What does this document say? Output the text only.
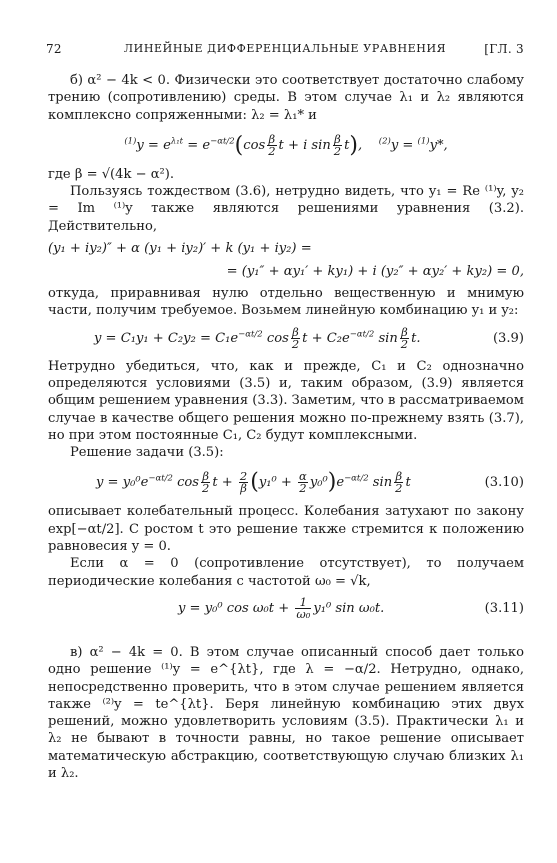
72	ЛИНЕЙНЫЕ ДИФФЕРЕНЦИАЛЬНЫЕ УРАВНЕНИЯ	[ГЛ. 3

б) α² − 4k < 0. Физически это соответствует достаточно слабому трению (сопротивлению) среды. В этом случае λ₁ и λ₂ являются комплексно сопряженными: λ₂ = λ₁* и

$^{(1)}y = e^{\lambda_1t} = e^{-\alpha t/2}$ ( $\cos \frac{\beta}{2}$ t + i $\sin \frac{\beta}{2}$ t ) ,    $^{(2)}$y = $^{(1)}$y*,

где β = √(4k − α²).

Пользуясь тождеством (3.6), нетрудно видеть, что y₁ = Re ⁽¹⁾y, y₂ = Im ⁽¹⁾y также являются решениями уравнения (3.2). Действительно,

(y₁ + iy₂)″ + α (y₁ + iy₂)′ + k (y₁ + iy₂) =
= (y₁″ + αy₁′ + ky₁) + i (y₂″ + αy₂′ + ky₂) = 0,

откуда, приравнивая нулю отдельно вещественную и мнимую части, получим требуемое. Возьмем линейную комбинацию y₁ и y₂:

$y = C_1y_1 + C_2y_2 = C_1e^{-\alpha t/2}$ $\cos \frac{\beta}{2}$ $t + C_2e^{-\alpha t/2}$ $\sin \frac{\beta}{2} t$.	(3.9)

Нетрудно убедиться, что, как и прежде, C₁ и C₂ однозначно определяются условиями (3.5) и, таким образом, (3.9) является общим решением уравнения (3.3). Заметим, что в рассматриваемом случае в качестве общего решения можно по-прежнему взять (3.7), но при этом постоянные C₁, C₂ будут комплексными.

Решение задачи (3.5):

$y = y_0^0e^{-\alpha t/2}$ $\cos \frac{\beta}{2}$ $t + \frac{2}{\beta} (y_1^0 + \frac{\alpha}{2} y_0^0)e^{-\alpha t/2}$ $\sin \frac{\beta}{2}$ t	(3.10)

описывает колебательный процесс. Колебания затухают по закону exp[−αt/2]. С ростом t это решение также стремится к положению равновесия y = 0.

Если α = 0 (сопротивление отсутствует), то получаем периодические колебания с частотой ω₀ = √k,

y = y₀⁰ $\cos \omega_0t + \frac{1}{\text{ω₀}} y_1^0$ sin ω₀t.	(3.11)

в) α² − 4k = 0. В этом случае описанный способ дает только одно решение ⁽¹⁾y = e^{λt}, где λ = −α/2. Нетрудно, однако, непосредственно проверить, что в этом случае решением является также ⁽²⁾y = te^{λt}. Беря линейную комбинацию этих двух решений, можно удовлетворить условиям (3.5). Практически λ₁ и λ₂ не бывают в точности равны, но такое решение описывает математическую абстракцию, соответствующую случаю близких λ₁ и λ₂.
